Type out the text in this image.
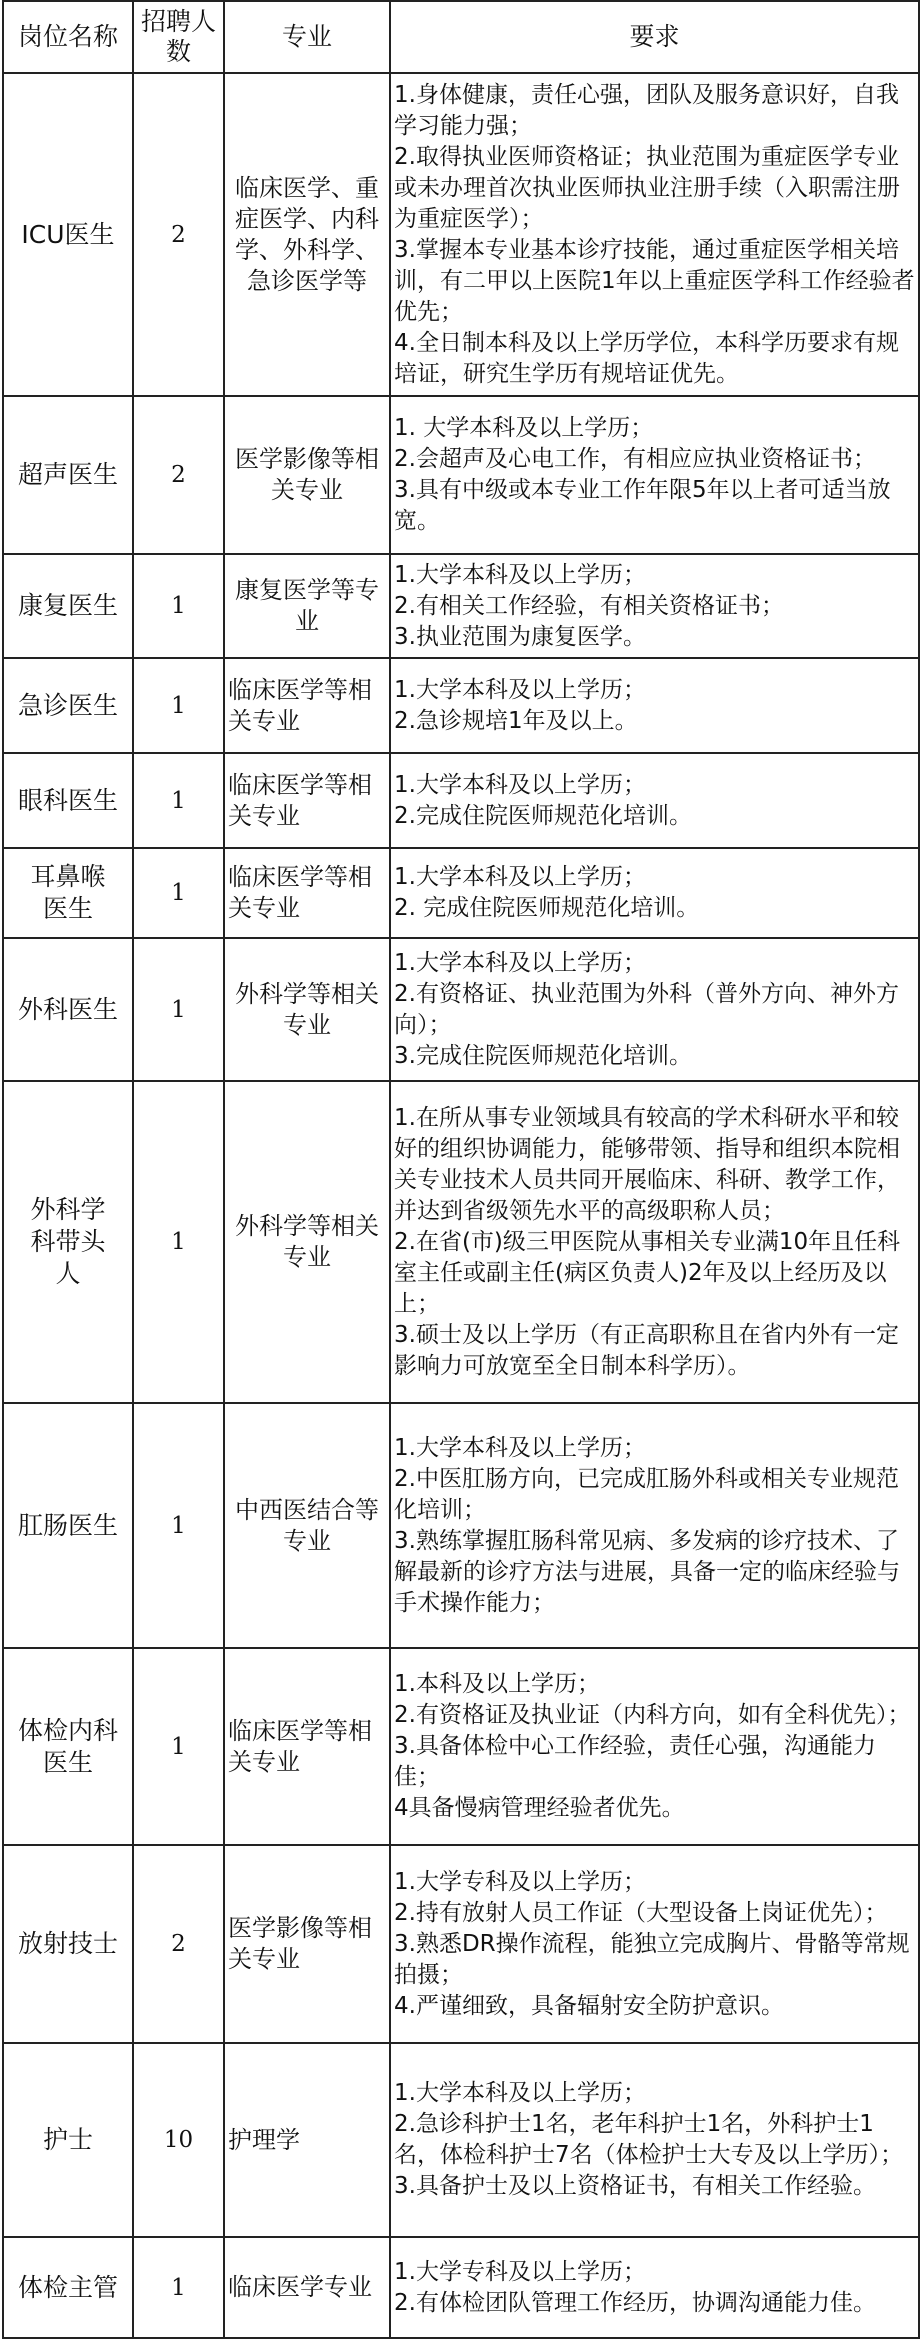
岗位名称	招聘人数	专业	要求
ICU医生	2	临床医学、重症医学、内科学、外科学、急诊医学等	1.身体健康，责任心强，团队及服务意识好，自我学习能力强；
2.取得执业医师资格证；执业范围为重症医学专业或未办理首次执业医师执业注册手续（入职需注册为重症医学）；
3.掌握本专业基本诊疗技能，通过重症医学相关培训，有二甲以上医院1年以上重症医学科工作经验者优先；
4.全日制本科及以上学历学位，本科学历要求有规培证，研究生学历有规培证优先。

超声医生	2	医学影像等相关专业	1. 大学本科及以上学历；
2.会超声及心电工作，有相应应执业资格证书；
3.具有中级或本专业工作年限5年以上者可适当放宽。

康复医生	1	康复医学等专业	1.大学本科及以上学历；
2.有相关工作经验，有相关资格证书；
3.执业范围为康复医学。

急诊医生	1	临床医学等相关专业	1.大学本科及以上学历；
2.急诊规培1年及以上。

眼科医生	1	临床医学等相关专业	1.大学本科及以上学历；
2.完成住院医师规范化培训。

耳鼻喉医生	1	临床医学等相关专业	1.大学本科及以上学历；
2. 完成住院医师规范化培训。

外科医生	1	外科学等相关专业	1.大学本科及以上学历；
2.有资格证、执业范围为外科（普外方向、神外方向）；
3.完成住院医师规范化培训。

外科学科带头人	1	外科学等相关专业	1.在所从事专业领域具有较高的学术科研水平和较好的组织协调能力，能够带领、指导和组织本院相关专业技术人员共同开展临床、科研、教学工作，并达到省级领先水平的高级职称人员；
2.在省(市)级三甲医院从事相关专业满10年且任科室主任或副主任(病区负责人)2年及以上经历及以上；
3.硕士及以上学历（有正高职称且在省内外有一定影响力可放宽至全日制本科学历）。

肛肠医生	1	中西医结合等专业	1.大学本科及以上学历；
2.中医肛肠方向，已完成肛肠外科或相关专业规范化培训；
3.熟练掌握肛肠科常见病、多发病的诊疗技术、了解最新的诊疗方法与进展，具备一定的临床经验与手术操作能力；

体检内科医生	1	临床医学等相关专业	1.本科及以上学历；
2.有资格证及执业证（内科方向，如有全科优先）；
3.具备体检中心工作经验，责任心强，沟通能力佳；
4具备慢病管理经验者优先。

放射技士	2	医学影像等相关专业	1.大学专科及以上学历；
2.持有放射人员工作证（大型设备上岗证优先）；
3.熟悉DR操作流程，能独立完成胸片、骨骼等常规拍摄；
4.严谨细致，具备辐射安全防护意识。

护士	10	护理学	1.大学本科及以上学历；
2.急诊科护士1名，老年科护士1名，外科护士1名，体检科护士7名（体检护士大专及以上学历）；
3.具备护士及以上资格证书，有相关工作经验。

体检主管	1	临床医学专业	1.大学专科及以上学历；
2.有体检团队管理工作经历，协调沟通能力佳。
